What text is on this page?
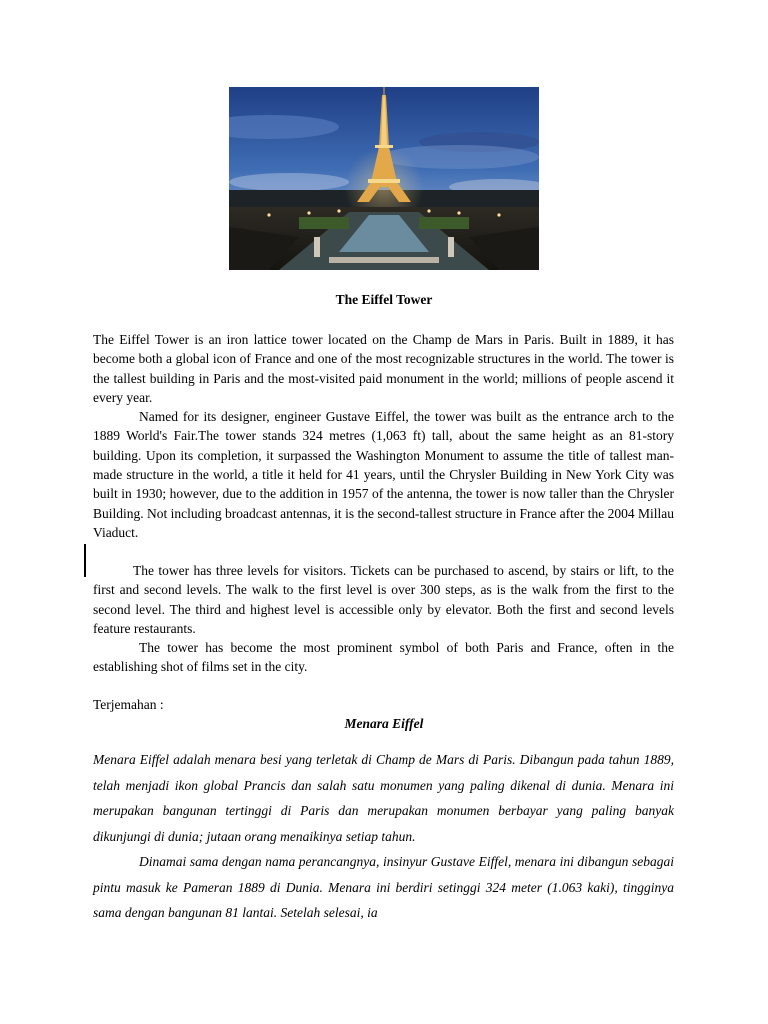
The Eiffel Tower

The Eiffel Tower is an iron lattice tower located on the Champ de Mars in Paris. Built in 1889, it has become both a global icon of France and one of the most recognizable structures in the world. The tower is the tallest building in Paris and the most-visited paid monument in the world; millions of people ascend it every year.

Named for its designer, engineer Gustave Eiffel, the tower was built as the entrance arch to the 1889 World's Fair.The tower stands 324 metres (1,063 ft) tall, about the same height as an 81-story building. Upon its completion, it surpassed the Washington Monument to assume the title of tallest man-made structure in the world, a title it held for 41 years, until the Chrysler Building in New York City was built in 1930; however, due to the addition in 1957 of the antenna, the tower is now taller than the Chrysler Building. Not including broadcast antennas, it is the second-tallest structure in France after the 2004 Millau Viaduct.

The tower has three levels for visitors. Tickets can be purchased to ascend, by stairs or lift, to the first and second levels. The walk to the first level is over 300 steps, as is the walk from the first to the second level. The third and highest level is accessible only by elevator. Both the first and second levels feature restaurants.

The tower has become the most prominent symbol of both Paris and France, often in the establishing shot of films set in the city.

Terjemahan :
Menara Eiffel

Menara Eiffel adalah menara besi yang terletak di Champ de Mars di Paris. Dibangun pada tahun 1889, telah menjadi ikon global Prancis dan salah satu monumen yang paling dikenal di dunia. Menara ini merupakan bangunan tertinggi di Paris dan merupakan monumen berbayar yang paling banyak dikunjungi di dunia; jutaan orang menaikinya setiap tahun.

Dinamai sama dengan nama perancangnya, insinyur Gustave Eiffel, menara ini dibangun sebagai pintu masuk ke Pameran 1889 di Dunia. Menara ini berdiri setinggi 324 meter (1.063 kaki), tingginya sama dengan bangunan 81 lantai. Setelah selesai, ia
